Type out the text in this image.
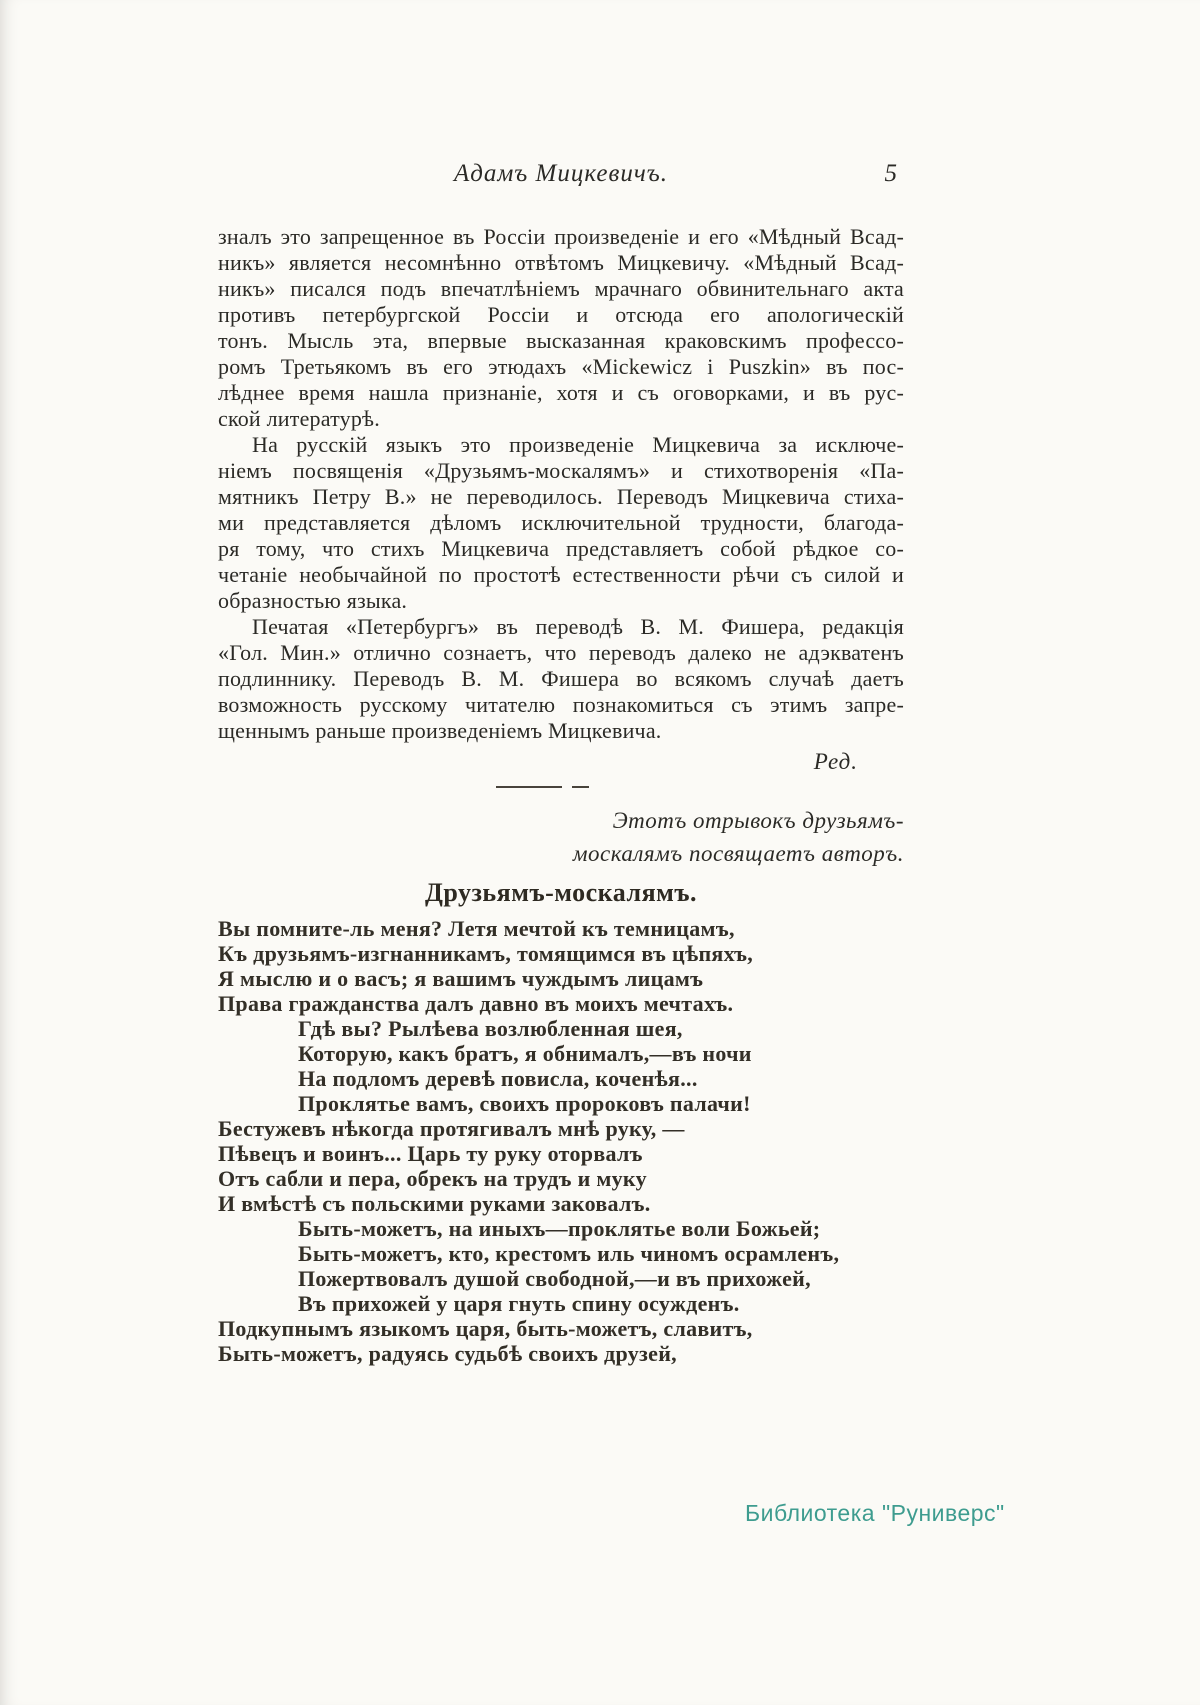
Адамъ Мицкевичъ.	5
зналъ это запрещенное въ Россіи произведеніе и его «Мѣдный Всад-
никъ» является несомнѣнно отвѣтомъ Мицкевичу. «Мѣдный Всад-
никъ» писался подъ впечатлѣніемъ мрачнаго обвинительнаго акта
противъ петербургской Россіи и отсюда его апологическій
тонъ. Мысль эта, впервые высказанная краковскимъ профессо-
ромъ Третьякомъ въ его этюдахъ «Mickewicz i Puszkin» въ пос-
лѣднее время нашла признаніе, хотя и съ оговорками, и въ рус-
ской литературѣ.
На русскій языкъ это произведеніе Мицкевича за исключе-
ніемъ посвященія «Друзьямъ-москалямъ» и стихотворенія «Па-
мятникъ Петру В.» не переводилось. Переводъ Мицкевича стиха-
ми представляется дѣломъ исключительной трудности, благода-
ря тому, что стихъ Мицкевича представляетъ собой рѣдкое со-
четаніе необычайной по простотѣ естественности рѣчи съ силой и
образностью языка.
Печатая «Петербургъ» въ переводѣ В. М. Фишера, редакція
«Гол. Мин.» отлично сознаетъ, что переводъ далеко не адэкватенъ
подлиннику. Переводъ В. М. Фишера во всякомъ случаѣ даетъ
возможность русскому читателю познакомиться съ этимъ запре-
щеннымъ раньше произведеніемъ Мицкевича.
Ред.
Этотъ отрывокъ друзьямъ-
москалямъ посвящаетъ авторъ.
Друзьямъ-москалямъ.
Вы помните-ль меня? Летя мечтой къ темницамъ,
Къ друзьямъ-изгнанникамъ, томящимся въ цѣпяхъ,
Я мыслю и о васъ; я вашимъ чуждымъ лицамъ
Права гражданства далъ давно въ моихъ мечтахъ.
Гдѣ вы? Рылѣева возлюбленная шея,
Которую, какъ братъ, я обнималъ,—въ ночи
На подломъ деревѣ повисла, коченѣя...
Проклятье вамъ, своихъ пророковъ палачи!
Бестужевъ нѣкогда протягивалъ мнѣ руку, —
Пѣвецъ и воинъ... Царь ту руку оторвалъ
Отъ сабли и пера, обрекъ на трудъ и муку
И вмѣстѣ съ польскими руками заковалъ.
Быть-можетъ, на иныхъ—проклятье воли Божьей;
Быть-можетъ, кто, крестомъ иль чиномъ осрамленъ,
Пожертвовалъ душой свободной,—и въ прихожей,
Въ прихожей у царя гнуть спину осужденъ.
Подкупнымъ языкомъ царя, быть-можетъ, славитъ,
Быть-можетъ, радуясь судьбѣ своихъ друзей,
Библиотека "Руниверс"
